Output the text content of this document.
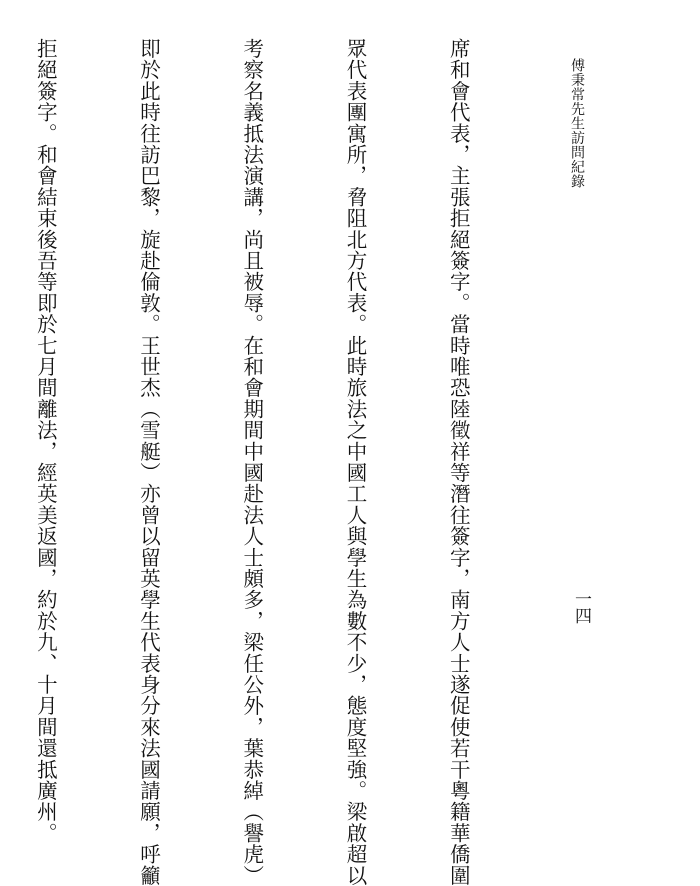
傅秉常先生訪問紀錄
一四

席和會代表，主張拒絕簽字。當時唯恐陸徵祥等潛往簽字，南方人士遂促使若干粵籍華僑圍

眾代表團寓所，脅阻北方代表。此時旅法之中國工人與學生為數不少，態度堅強。梁啟超以

考察名義抵法演講，尚且被辱。在和會期間中國赴法人士頗多，梁任公外，葉恭綽（譽虎）

即於此時往訪巴黎，旋赴倫敦。王世杰（雪艇）亦曾以留英學生代表身分來法國請願，呼籲

拒絕簽字。和會結束後吾等即於七月間離法，經英美返國，約於九、十月間還抵廣州。
